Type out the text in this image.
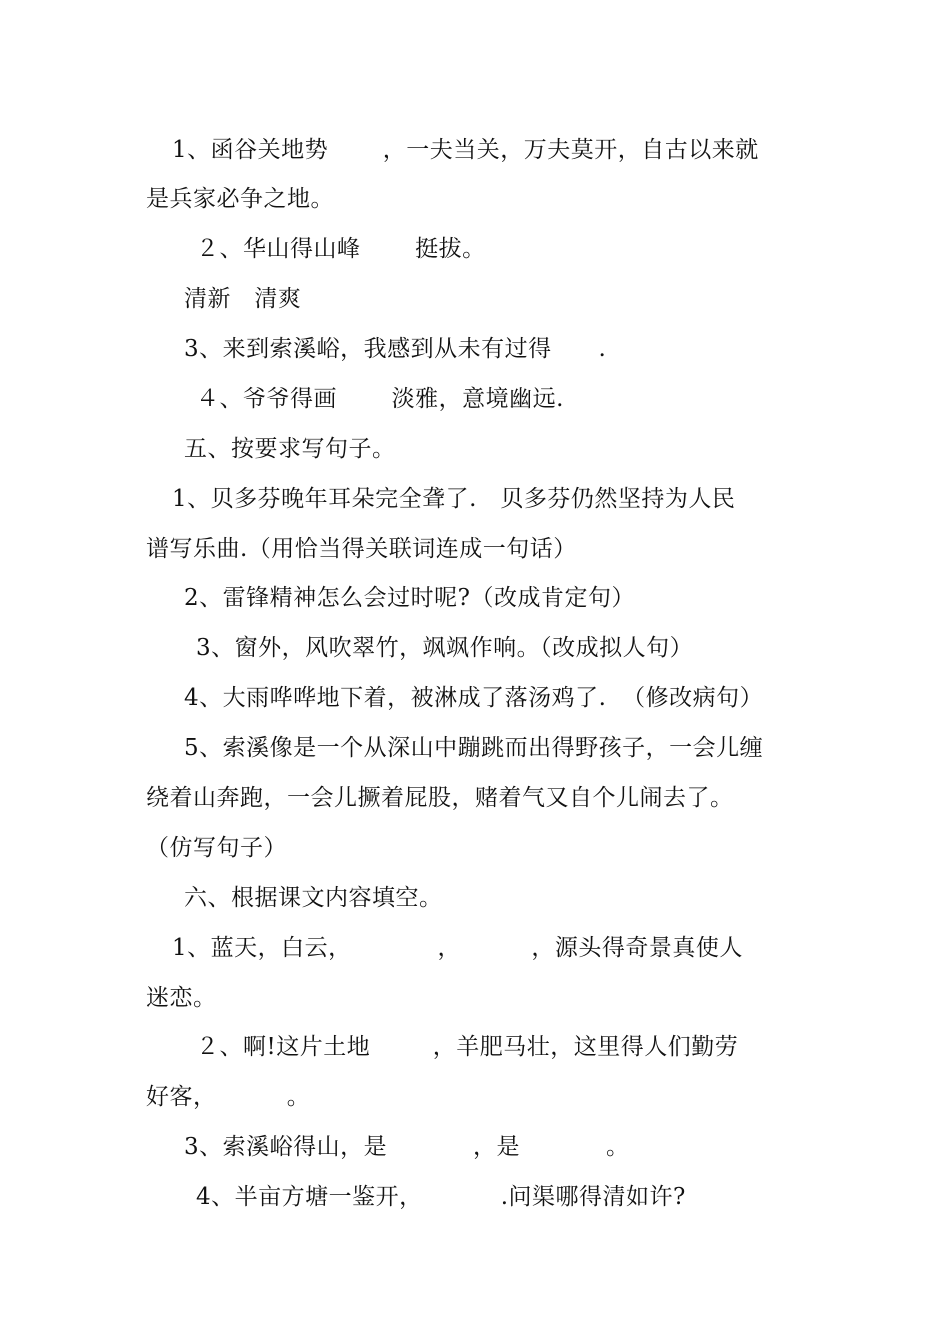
1、函谷关地势       ，一夫当关，万夫莫开，自古以来就
是兵家必争之地。
２、华山得山峰       挺拔。
清新   清爽
3、来到索溪峪，我感到从未有过得      .
４、爷爷得画       淡雅，意境幽远.
五、按要求写句子。
1、贝多芬晚年耳朵完全聋了.   贝多芬仍然坚持为人民
谱写乐曲.（用恰当得关联词连成一句话）
2、雷锋精神怎么会过时呢?（改成肯定句）
3、窗外，风吹翠竹，飒飒作响。（改成拟人句）
4、大雨哗哗地下着，被淋成了落汤鸡了.  （修改病句）
5、索溪像是一个从深山中蹦跳而出得野孩子，一会儿缠
绕着山奔跑，一会儿撅着屁股，赌着气又自个儿闹去了。
（仿写句子）
六、根据课文内容填空。
1、蓝天，白云，           ，         ，源头得奇景真使人
迷恋。
２、啊!这片土地        ，羊肥马壮，这里得人们勤劳
好客，         。
3、索溪峪得山，是           ，是           。
4、半亩方塘一鉴开，          .问渠哪得清如许?
